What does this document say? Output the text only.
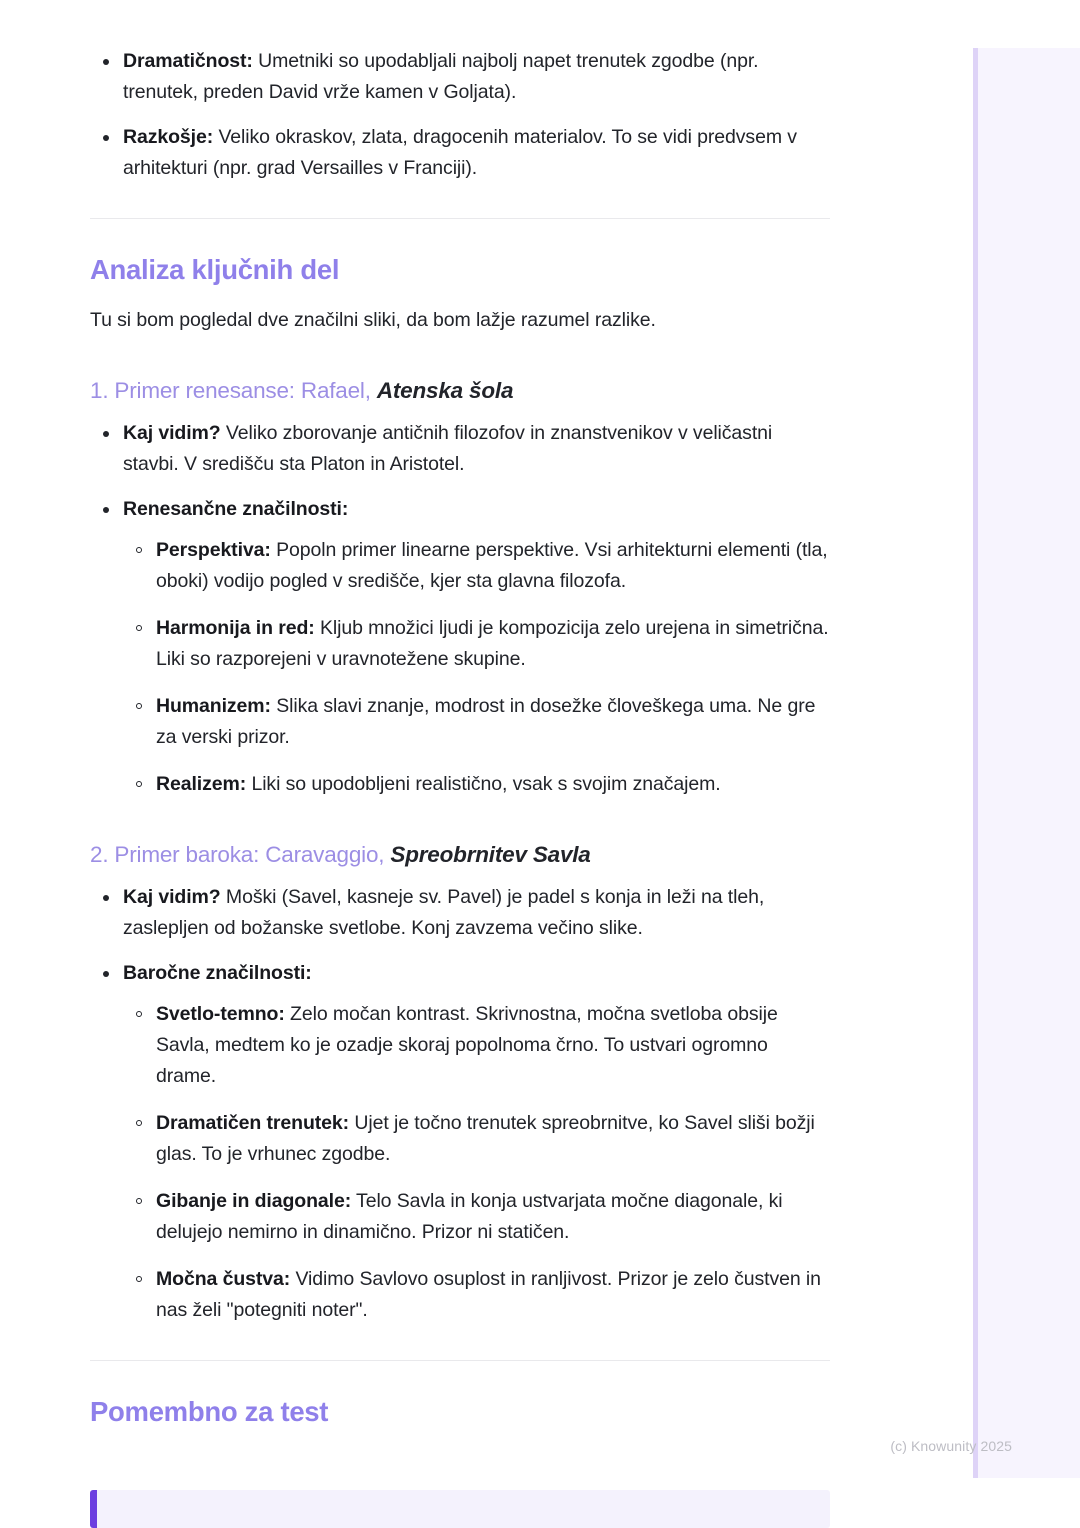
Dramatičnost: Umetniki so upodabljali najbolj napet trenutek zgodbe (npr. trenutek, preden David vrže kamen v Goljata).
Razkošje: Veliko okraskov, zlata, dragocenih materialov. To se vidi predvsem v arhitekturi (npr. grad Versailles v Franciji).
Analiza ključnih del

Tu si bom pogledal dve značilni sliki, da bom lažje razumel razlike.

1. Primer renesanse: Rafael, Atenska šola
Kaj vidim? Veliko zborovanje antičnih filozofov in znanstvenikov v veličastni stavbi. V središču sta Platon in Aristotel.
Renesančne značilnosti:
Perspektiva: Popoln primer linearne perspektive. Vsi arhitekturni elementi (tla, oboki) vodijo pogled v središče, kjer sta glavna filozofa.
Harmonija in red: Kljub množici ljudi je kompozicija zelo urejena in simetrična. Liki so razporejeni v uravnotežene skupine.
Humanizem: Slika slavi znanje, modrost in dosežke človeškega uma. Ne gre za verski prizor.
Realizem: Liki so upodobljeni realistično, vsak s svojim značajem.
2. Primer baroka: Caravaggio, Spreobrnitev Savla
Kaj vidim? Moški (Savel, kasneje sv. Pavel) je padel s konja in leži na tleh, zaslepljen od božanske svetlobe. Konj zavzema večino slike.
Baročne značilnosti:
Svetlo-temno: Zelo močan kontrast. Skrivnostna, močna svetloba obsije Savla, medtem ko je ozadje skoraj popolnoma črno. To ustvari ogromno drame.
Dramatičen trenutek: Ujet je točno trenutek spreobrnitve, ko Savel sliši božji glas. To je vrhunec zgodbe.
Gibanje in diagonale: Telo Savla in konja ustvarjata močne diagonale, ki delujejo nemirno in dinamično. Prizor ni statičen.
Močna čustva: Vidimo Savlovo osuplost in ranljivost. Prizor je zelo čustven in nas želi "potegniti noter".
Pomembno za test
(c) Knowunity 2025
